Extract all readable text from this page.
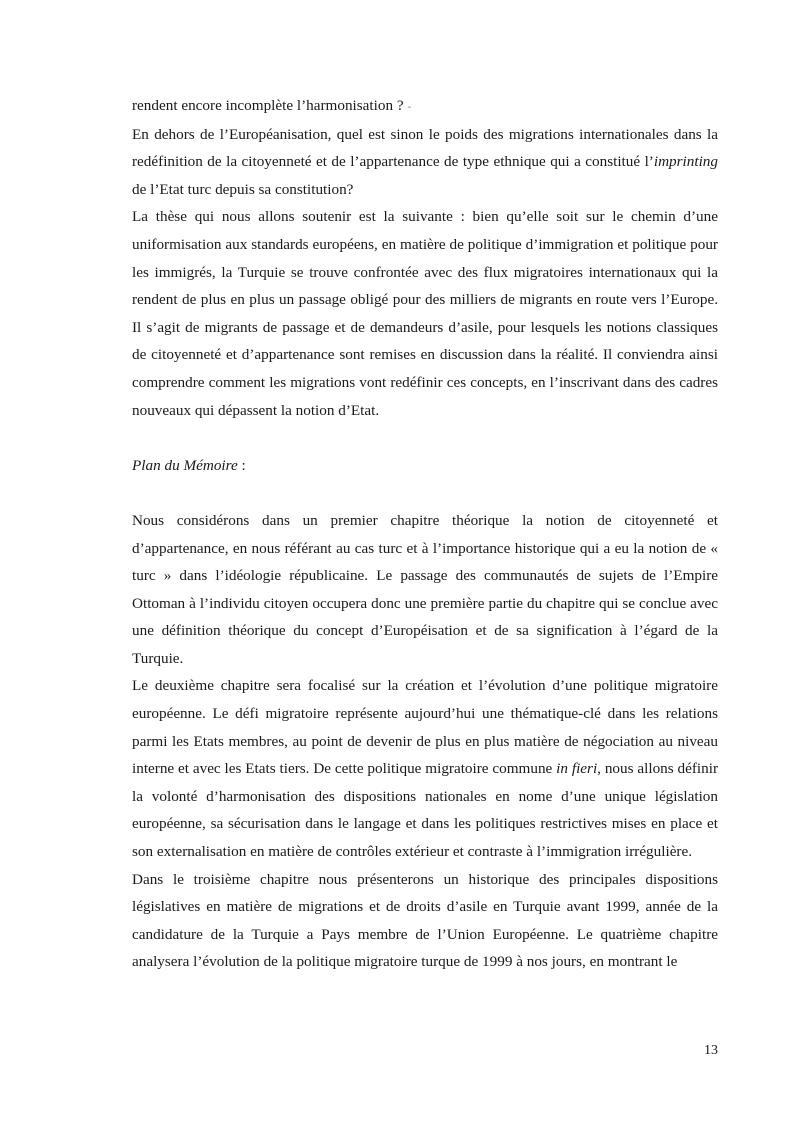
rendent encore incomplète l’harmonisation ? -

En dehors de l’Européanisation, quel est sinon le poids des migrations internationales dans la redéfinition de la citoyenneté et de l’appartenance de type ethnique qui a constitué l’imprinting de l’Etat turc depuis sa constitution?

La thèse qui nous allons soutenir est la suivante : bien qu’elle soit sur le chemin d’une uniformisation aux standards européens, en matière de politique d’immigration et politique pour les immigrés, la Turquie se trouve confrontée avec des flux migratoires internationaux qui la rendent de plus en plus un passage obligé pour des milliers de migrants en route vers l’Europe. Il s’agit de migrants de passage et de demandeurs d’asile, pour lesquels les notions classiques de citoyenneté et d’appartenance sont remises en discussion dans la réalité. Il conviendra ainsi comprendre comment les migrations vont redéfinir ces concepts, en l’inscrivant dans des cadres nouveaux qui dépassent la notion d’Etat.

Plan du Mémoire :

Nous considérons dans un premier chapitre théorique la notion de citoyenneté et d’appartenance, en nous référant au cas turc et à l’importance historique qui a eu la notion de « turc » dans l’idéologie républicaine. Le passage des communautés de sujets de l’Empire Ottoman à l’individu citoyen occupera donc une première partie du chapitre qui se conclue avec une définition théorique du concept d’Européisation et de sa signification à l’égard de la Turquie.

Le deuxième chapitre sera focalisé sur la création et l’évolution d’une politique migratoire européenne. Le défi migratoire représente aujourd’hui une thématique-clé dans les relations parmi les Etats membres, au point de devenir de plus en plus matière de négociation au niveau interne et avec les Etats tiers. De cette politique migratoire commune in fieri, nous allons définir la volonté d’harmonisation des dispositions nationales en nome d’une unique législation européenne, sa sécurisation dans le langage et dans les politiques restrictives mises en place et son externalisation en matière de contrôles extérieur et contraste à l’immigration irrégulière.

Dans le troisième chapitre nous présenterons un historique des principales dispositions législatives en matière de migrations et de droits d’asile en Turquie avant 1999, année de la candidature de la Turquie a Pays membre de l’Union Européenne. Le quatrième chapitre analysera l’évolution de la politique migratoire turque de 1999 à nos jours, en montrant le

13
